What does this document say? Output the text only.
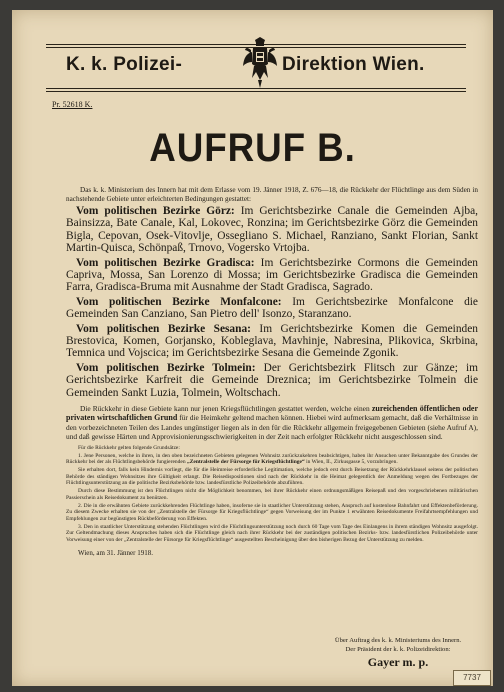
K. k. Polizei-	Direktion Wien.
Pr. 52618 K.
AUFRUF B.

Das k. k. Ministerium des Innern hat mit dem Erlasse vom 19. Jänner 1918, Z. 676—18, die Rückkehr der Flüchtlinge aus dem Süden in nachstehende Gebiete unter erleichterten Bedingungen gestattet:

Vom politischen Bezirke Görz: Im Gerichtsbezirke Canale die Gemeinden Ajba, Bainsizza, Bate Canale, Kal, Lokovec, Ronzina; im Gerichtsbezirke Görz die Gemeinden Bigla, Cepovan, Osek-Vitovlje, Ossegliano S. Michael, Ranziano, Sankt Florian, Sankt Martin-Quisca, Schönpaß, Trnovo, Vogersko Vrtojba.

Vom politischen Bezirke Gradisca: Im Gerichtsbezirke Cormons die Gemeinden Capriva, Mossa, San Lorenzo di Mossa; im Gerichtsbezirke Gradisca die Gemeinden Farra, Gradisca-Bruma mit Ausnahme der Stadt Gradisca, Sagrado.

Vom politischen Bezirke Monfalcone: Im Gerichtsbezirke Monfalcone die Gemeinden San Canziano, San Pietro dell' Isonzo, Staranzano.

Vom politischen Bezirke Sesana: Im Gerichtsbezirke Komen die Gemeinden Brestovica, Komen, Gorjansko, Kobleglava, Mavhinje, Nabresina, Plikovica, Skrbina, Temnica und Vojscica; im Gerichtsbezirke Sesana die Gemeinde Zgonik.

Vom politischen Bezirke Tolmein: Der Gerichtsbezirk Flitsch zur Gänze; im Gerichtsbezirke Karfreit die Gemeinde Dreznica; im Gerichtsbezirke Tolmein die Gemeinden Sankt Luzia, Tolmein, Woltschach.

Die Rückkehr in diese Gebiete kann nur jenen Kriegsflüchtlingen gestattet werden, welche einen zureichenden öffentlichen oder privaten wirtschaftlichen Grund für die Heimkehr geltend machen können. Hiebei wird aufmerksam gemacht, daß die Verhältnisse in den vorbezeichneten Teilen des Landes ungünstiger liegen als in den für die Rückkehr allgemein freigegebenen Gebieten (siehe Aufruf A), und daß gewisse Härten und Approvisionierungsschwierigkeiten in der Zeit nach erfolgter Rückkehr nicht ausgeschlossen sind.

Für die Rückkehr gelten folgende Grundsätze:

1. Jene Personen, welche in ihren, in den oben bezeichneten Gebieten gelegenen Wohnsitz zurückzukehren beabsichtigen, haben ihr Ansuchen unter Bekanntgabe des Grundes der Rückkehr bei der als Flüchtlingsbehörde fungierenden „Zentralstelle der Fürsorge für Kriegsflüchtlinge“ in Wien, II., Zirkusgasse 5, vorzubringen.

Sie erhalten dort, falls kein Hindernis vorliegt, die für die Heimreise erforderliche Legitimation, welche jedoch erst durch Beisetzung der Rückkehrklausel seitens der politischen Behörde des ständigen Wohnsitzes ihre Gültigkeit erlangt. Die Reisedispositionen sind nach der Rückkehr in die Heimat gelegentlich der Anmeldung wegen des Fortbezuges der Flüchtlingsunterstützung an die politische Bezirksbehörde bzw. landesfürstliche Polizeibehörde abzuführen.

Durch diese Bestimmung ist den Flüchtlingen nicht die Möglichkeit benommen, bei ihrer Rückkehr einen ordnungsmäßigen Reisepaß und den vorgeschriebenen militärischen Passierschein als Reisedokument zu benützen.

2. Die in die erwähnten Gebiete zurückkehrenden Flüchtlinge haben, insoferne sie in staatlicher Unterstützung stehen, Anspruch auf kostenlose Bahnfahrt und Effektenbeförderung. Zu diesem Zwecke erhalten sie von der „Zentralstelle der Fürsorge für Kriegsflüchtlinge“ gegen Vorweisung der im Punkte 1 erwähnten Reisedokumente Freifahrtsempfehlungen und Empfehlungen zur begünstigten Rückbeförderung von Effekten.

3. Den in staatlicher Unterstützung stehenden Flüchtlingen wird die Flüchtlingsunterstützung noch durch 60 Tage vom Tage des Einlangens in ihrem ständigen Wohnsitz ausgefolgt. Zur Geltendmachung dieses Anspruches haben sich die Flüchtlinge gleich nach ihrer Rückkehr bei der zuständigen politischen Bezirks- bzw. landesfürstlichen Polizeibehörde unter Vorweisung einer von der „Zentralstelle der Fürsorge für Kriegsflüchtlinge“ ausgestellten Bescheinigung über den bisherigen Bezug der Unterstützung zu melden.

Wien, am 31. Jänner 1918.
Über Auftrag des k. k. Ministeriums des Innern.
Der Präsident der k. k. Polizeidirektion:
Gayer m. p.
7737
